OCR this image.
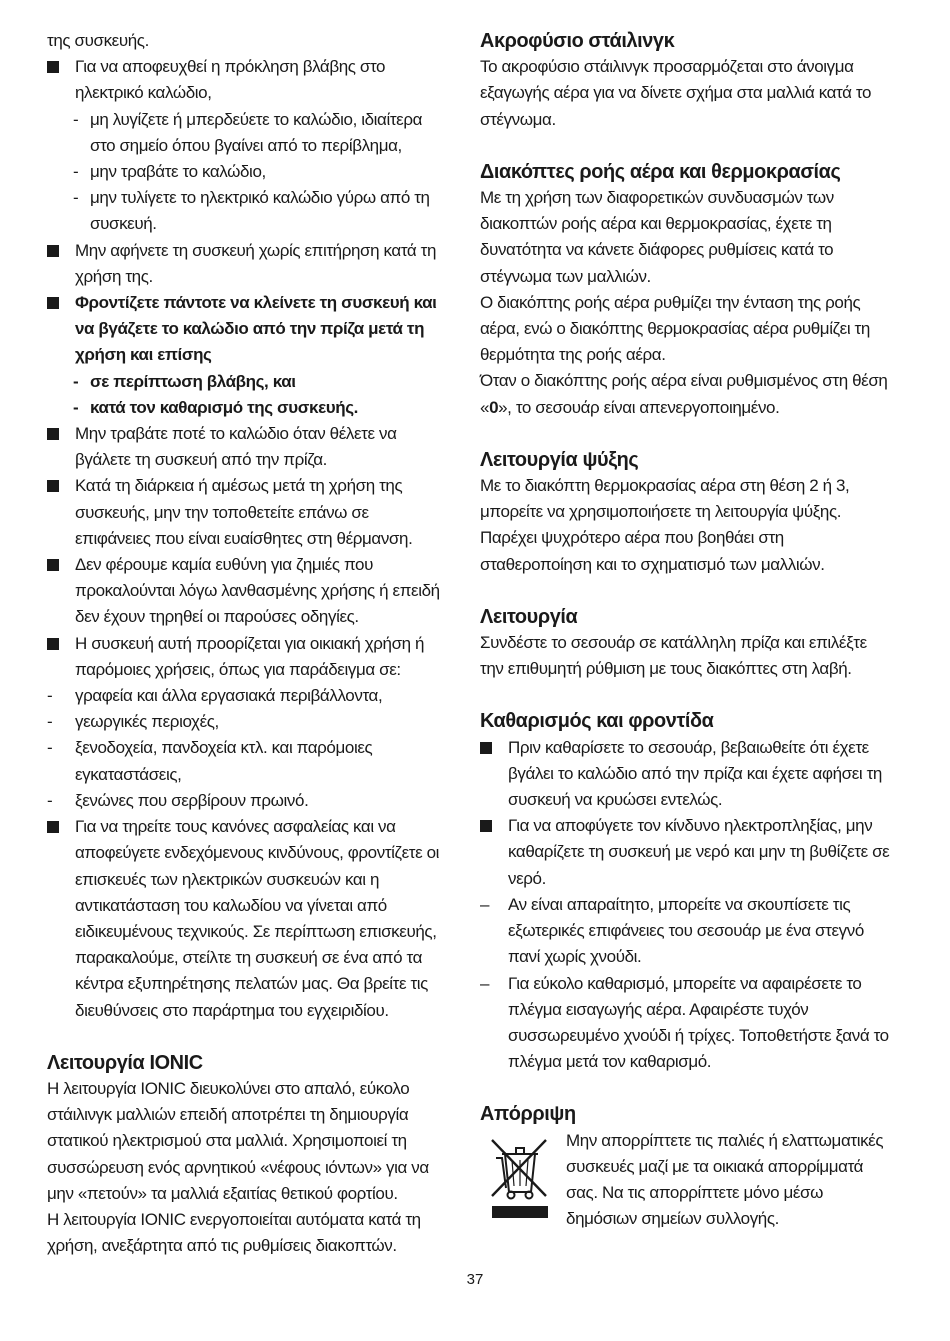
της συσκευής.

Για να αποφευχθεί η πρόκληση βλάβης στο ηλεκτρικό καλώδιο,
- μη λυγίζετε ή μπερδεύετε το καλώδιο, ιδιαίτερα στο σημείο όπου βγαίνει από το περίβλημα,
- μην τραβάτε το καλώδιο,
- μην τυλίγετε το ηλεκτρικό καλώδιο γύρω από τη συσκευή.
Μην αφήνετε τη συσκευή χωρίς επιτήρηση κατά τη χρήση της.
Φροντίζετε πάντοτε να κλείνετε τη συσκευή και να βγάζετε το καλώδιο από την πρίζα μετά τη χρήση και επίσης
- σε περίπτωση βλάβης, και
- κατά τον καθαρισμό της συσκευής.
Μην τραβάτε ποτέ το καλώδιο όταν θέλετε να βγάλετε τη συσκευή από την πρίζα.
Κατά τη διάρκεια ή αμέσως μετά τη χρήση της συσκευής, μην την τοποθετείτε επάνω σε επιφάνειες που είναι ευαίσθητες στη θέρμανση.
Δεν φέρουμε καμία ευθύνη για ζημιές που προκαλούνται λόγω λανθασμένης χρήσης ή επειδή δεν έχουν τηρηθεί οι παρούσες οδηγίες.
Η συσκευή αυτή προορίζεται για οικιακή χρήση ή παρόμοιες χρήσεις, όπως για παράδειγμα σε:
- γραφεία και άλλα εργασιακά περιβάλλοντα,
- γεωργικές περιοχές,
- ξενοδοχεία, πανδοχεία κτλ. και παρόμοιες εγκαταστάσεις,
- ξενώνες που σερβίρουν πρωινό.
Για να τηρείτε τους κανόνες ασφαλείας και να αποφεύγετε ενδεχόμενους κινδύνους, φροντίζετε οι επισκευές των ηλεκτρικών συσκευών και η αντικατάσταση του καλωδίου να γίνεται από ειδικευμένους τεχνικούς. Σε περίπτωση επισκευής, παρακαλούμε, στείλτε τη συσκευή σε ένα από τα κέντρα εξυπηρέτησης πελατών μας. Θα βρείτε τις διευθύνσεις στο παράρτημα του εγχειριδίου.
Λειτουργία IONIC

Η λειτουργία IONIC διευκολύνει στο απαλό, εύκολο στάιλινγκ μαλλιών επειδή αποτρέπει τη δημιουργία στατικού ηλεκτρισμού στα μαλλιά. Χρησιμοποιεί τη συσσώρευση ενός αρνητικού «νέφους ιόντων» για να μην «πετούν» τα μαλλιά εξαιτίας θετικού φορτίου.

Η λειτουργία IONIC ενεργοποιείται αυτόματα κατά τη χρήση, ανεξάρτητα από τις ρυθμίσεις διακοπτών.

Ακροφύσιο στάιλινγκ

Το ακροφύσιο στάιλινγκ προσαρμόζεται στο άνοιγμα εξαγωγής αέρα για να δίνετε σχήμα στα μαλλιά κατά το στέγνωμα.

Διακόπτες ροής αέρα και θερμοκρασίας

Με τη χρήση των διαφορετικών συνδυασμών των διακοπτών ροής αέρα και θερμοκρασίας, έχετε τη δυνατότητα να κάνετε διάφορες ρυθμίσεις κατά το στέγνωμα των μαλλιών.

Ο διακόπτης ροής αέρα ρυθμίζει την ένταση της ροής αέρα, ενώ ο διακόπτης θερμοκρασίας αέρα ρυθμίζει τη θερμότητα της ροής αέρα.

Όταν ο διακόπτης ροής αέρα είναι ρυθμισμένος στη θέση «0», το σεσουάρ είναι απενεργοποιημένο.

Λειτουργία ψύξης

Με το διακόπτη θερμοκρασίας αέρα στη θέση 2 ή 3, μπορείτε να χρησιμοποιήσετε τη λειτουργία ψύξης. Παρέχει ψυχρότερο αέρα που βοηθάει στη σταθεροποίηση και το σχηματισμό των μαλλιών.

Λειτουργία

Συνδέστε το σεσουάρ σε κατάλληλη πρίζα και επιλέξτε την επιθυμητή ρύθμιση με τους διακόπτες στη λαβή.

Καθαρισμός και φροντίδα
Πριν καθαρίσετε το σεσουάρ, βεβαιωθείτε ότι έχετε βγάλει το καλώδιο από την πρίζα και έχετε αφήσει τη συσκευή να κρυώσει εντελώς.
Για να αποφύγετε τον κίνδυνο ηλεκτροπληξίας, μην καθαρίζετε τη συσκευή με νερό και μην τη βυθίζετε σε νερό.
– Αν είναι απαραίτητο, μπορείτε να σκουπίσετε τις εξωτερικές επιφάνειες του σεσουάρ με ένα στεγνό πανί χωρίς χνούδι.
– Για εύκολο καθαρισμό, μπορείτε να αφαιρέσετε το πλέγμα εισαγωγής αέρα. Αφαιρέστε τυχόν συσσωρευμένο χνούδι ή τρίχες. Τοποθετήστε ξανά το πλέγμα μετά τον καθαρισμό.
Απόρριψη

Μην απορρίπτετε τις παλιές ή ελαττωματικές συσκευές μαζί με τα οικιακά απορρίμματά σας. Να τις απορρίπτετε μόνο μέσω δημόσιων σημείων συλλογής.

37
